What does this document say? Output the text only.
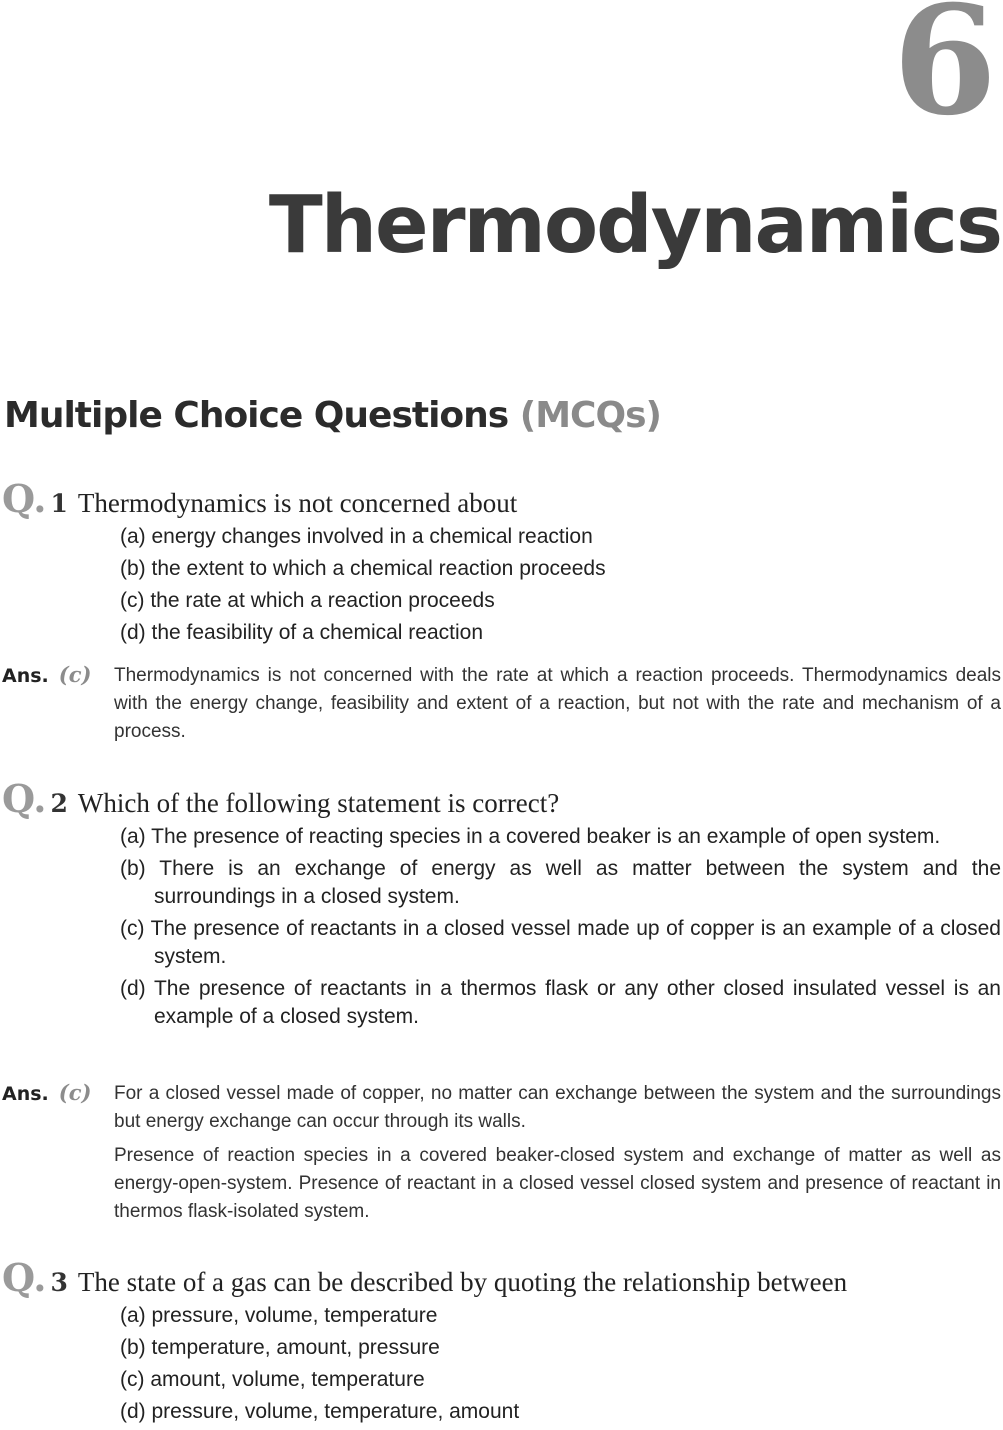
6
Thermodynamics
Multiple Choice Questions (MCQs)
Q. 1 Thermodynamics is not concerned about
(a) energy changes involved in a chemical reaction
(b) the extent to which a chemical reaction proceeds
(c) the rate at which a reaction proceeds
(d) the feasibility of a chemical reaction
Ans. (c) Thermodynamics is not concerned with the rate at which a reaction proceeds. Thermodynamics deals with the energy change, feasibility and extent of a reaction, but not with the rate and mechanism of a process.

Q. 2 Which of the following statement is correct?
(a) The presence of reacting species in a covered beaker is an example of open system.
(b) There is an exchange of energy as well as matter between the system and the surroundings in a closed system.
(c) The presence of reactants in a closed vessel made up of copper is an example of a closed system.
(d) The presence of reactants in a thermos flask or any other closed insulated vessel is an example of a closed system.
Ans. (c) For a closed vessel made of copper, no matter can exchange between the system and the surroundings but energy exchange can occur through its walls.

Presence of reaction species in a covered beaker-closed system and exchange of matter as well as energy-open-system. Presence of reactant in a closed vessel closed system and presence of reactant in thermos flask-isolated system.

Q. 3 The state of a gas can be described by quoting the relationship between
(a) pressure, volume, temperature
(b) temperature, amount, pressure
(c) amount, volume, temperature
(d) pressure, volume, temperature, amount
